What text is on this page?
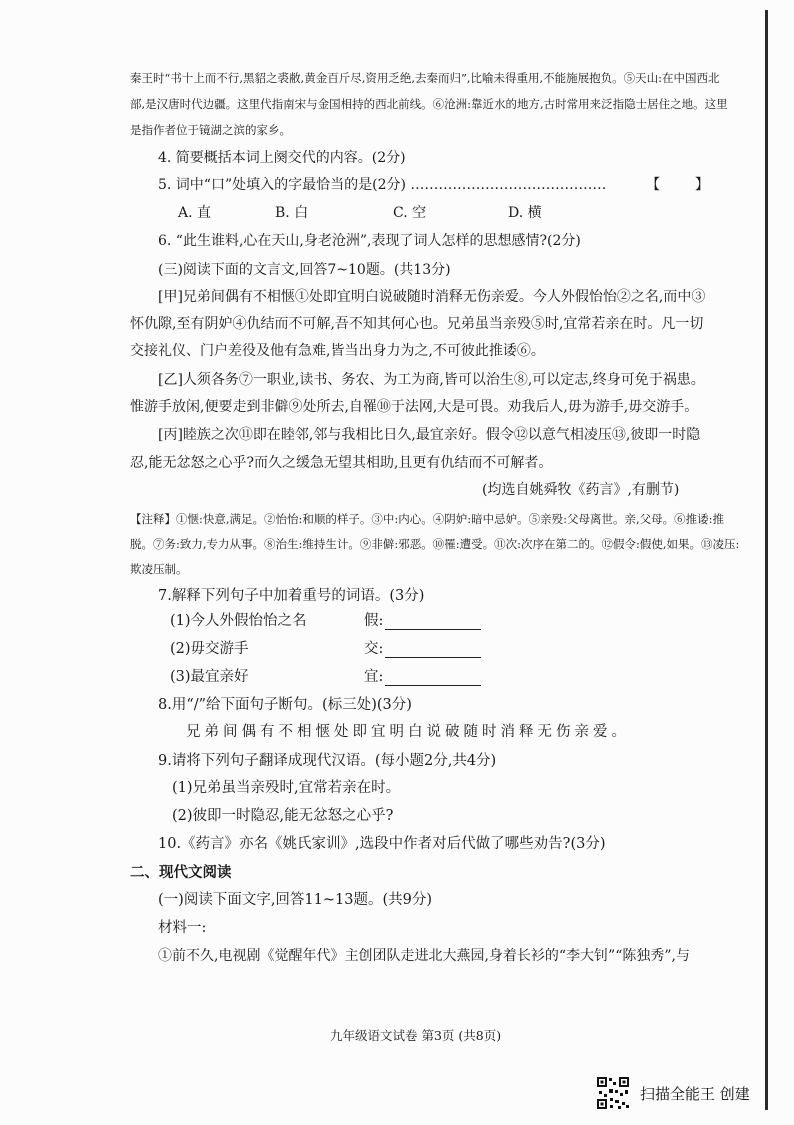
秦王时“书十上而不行,黑貂之裘敝,黄金百斤尽,资用乏绝,去秦而归”,比喻未得重用,不能施展抱负。⑤天山:在中国西北
部,是汉唐时代边疆。这里代指南宋与金国相持的西北前线。⑥沧洲:靠近水的地方,古时常用来泛指隐士居住之地。这里
是指作者位于镜湖之滨的家乡。
4. 简要概括本词上阕交代的内容。(2分)
5. 词中“口”处填入的字最恰当的是(2分) ……………………………………	【	】
A. 直	B. 白	C. 空	D. 横
6. “此生谁料,心在天山,身老沧洲”,表现了词人怎样的思想感情?(2分)
(三)阅读下面的文言文,回答7~10题。(共13分)
[甲]兄弟间偶有不相惬①处即宜明白说破随时消释无伤亲爱。今人外假怡怡②之名,而中③
怀仇隙,至有阴妒④仇结而不可解,吾不知其何心也。兄弟虽当亲殁⑤时,宜常若亲在时。凡一切
交接礼仪、门户差役及他有急难,皆当出身力为之,不可彼此推诿⑥。
[乙]人须各务⑦一职业,读书、务农、为工为商,皆可以治生⑧,可以定志,终身可免于祸患。
惟游手放闲,便要走到非僻⑨处所去,自罹⑩于法网,大是可畏。劝我后人,毋为游手,毋交游手。
[丙]睦族之次⑪即在睦邻,邻与我相比日久,最宜亲好。假令⑫以意气相凌压⑬,彼即一时隐
忍,能无忿怒之心乎?而久之缓急无望其相助,且更有仇结而不可解者。
(均选自姚舜牧《药言》,有删节)
【注释】①惬:快意,满足。②怡怡:和顺的样子。③中:内心。④阴妒:暗中忌妒。⑤亲殁:父母离世。亲,父母。⑥推诿:推
脱。⑦务:致力,专力从事。⑧治生:维持生计。⑨非僻:邪恶。⑩罹:遭受。⑪次:次序在第二的。⑫假令:假使,如果。⑬凌压:
欺凌压制。
7.解释下列句子中加着重号的词语。(3分)
(1)今人外假怡怡之名	假:
(2)毋交游手	交:
(3)最宜亲好	宜:
8.用“/”给下面句子断句。(标三处)(3分)
兄弟间偶有不相惬处即宜明白说破随时消释无伤亲爱。
9.请将下列句子翻译成现代汉语。(每小题2分,共4分)
(1)兄弟虽当亲殁时,宜常若亲在时。
(2)彼即一时隐忍,能无忿怒之心乎?
10.《药言》亦名《姚氏家训》,选段中作者对后代做了哪些劝告?(3分)
二、现代文阅读
(一)阅读下面文字,回答11~13题。(共9分)
材料一:
①前不久,电视剧《觉醒年代》主创团队走进北大燕园,身着长衫的“李大钊”“陈独秀”,与
九年级语文试卷 第3页 (共8页)
扫描全能王 创建
